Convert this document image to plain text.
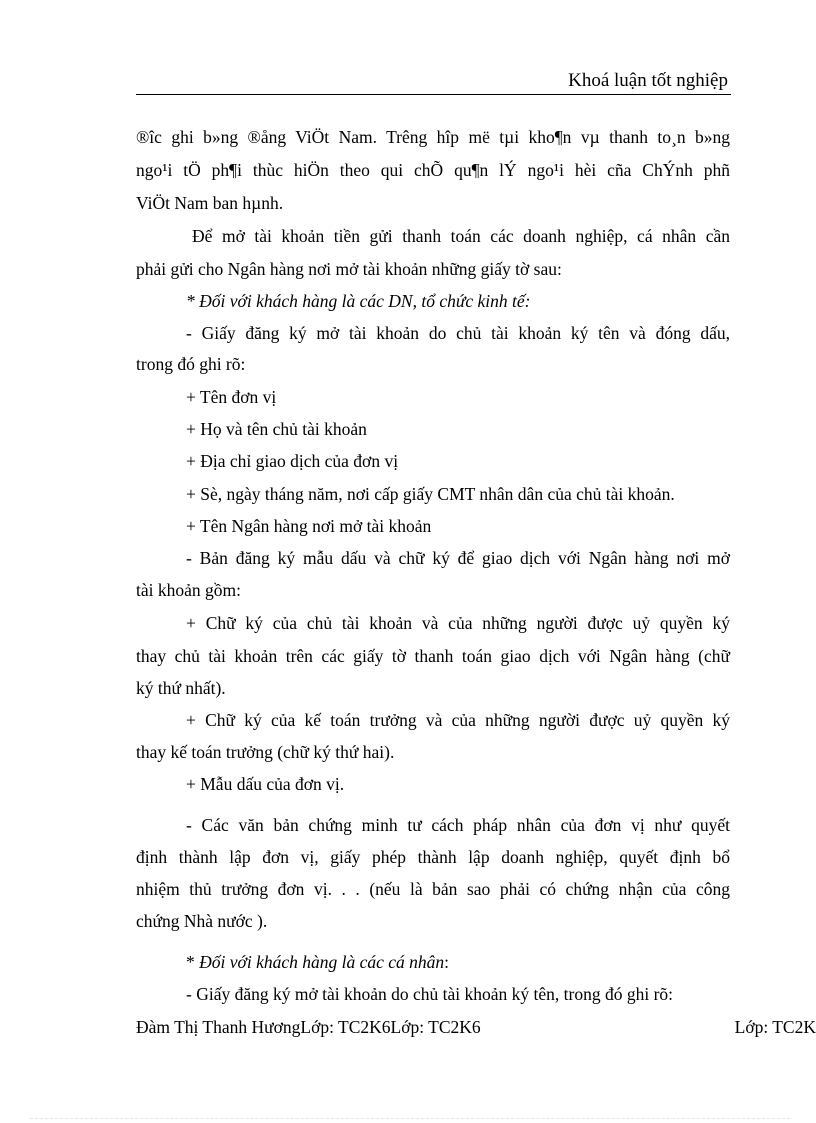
Khoá luận tốt nghiệp
®îc ghi b»ng ®ång ViÖt Nam. Trêng hîp më tµi kho¶n vµ thanh to¸n b»ng
ngo¹i tÖ ph¶i thùc hiÖn theo qui chÕ qu¶n lÝ ngo¹i hèi cña ChÝnh phñ
ViÖt Nam ban hµnh.
Để mở tài khoản tiền gửi thanh toán các doanh nghiệp, cá nhân cần
phải gửi cho Ngân hàng nơi mở tài khoản những giấy tờ sau:
* Đối với khách hàng là các DN, tổ chức kinh tế:
- Giấy đăng ký mở tài khoản do chủ tài khoản ký tên và đóng dấu,
trong đó ghi rõ:
+ Tên đơn vị
+ Họ và tên chủ tài khoản
+ Địa chỉ giao dịch của đơn vị
+ Sè, ngày tháng năm, nơi cấp giấy CMT nhân dân của chủ tài khoản.
+ Tên Ngân hàng nơi mở tài khoản
- Bản đăng ký mẫu dấu và chữ ký để giao dịch với Ngân hàng nơi mở
tài khoản gồm:
+ Chữ ký của chủ tài khoản và của những người được uỷ quyền ký
thay chủ tài khoản trên các giấy tờ thanh toán giao dịch với Ngân hàng (chữ
ký thứ nhất).
+ Chữ ký của kế toán trưởng và của những người được uỷ quyền ký
thay kế toán trưởng (chữ ký thứ hai).
+ Mẫu dấu của đơn vị.
- Các văn bản chứng minh tư cách pháp nhân của đơn vị như quyết
định thành lập đơn vị, giấy phép thành lập doanh nghiệp, quyết định bổ
nhiệm thủ trưởng đơn vị. . . (nếu là bản sao phải có chứng nhận của công
chứng Nhà nước ).
* Đối với khách hàng là các cá nhân:
- Giấy đăng ký mở tài khoản do chủ tài khoản ký tên, trong đó ghi rõ:
Đàm Thị Thanh HươngLớp: TC2K6Lớp: TC2K6	Lớp: TC2K
